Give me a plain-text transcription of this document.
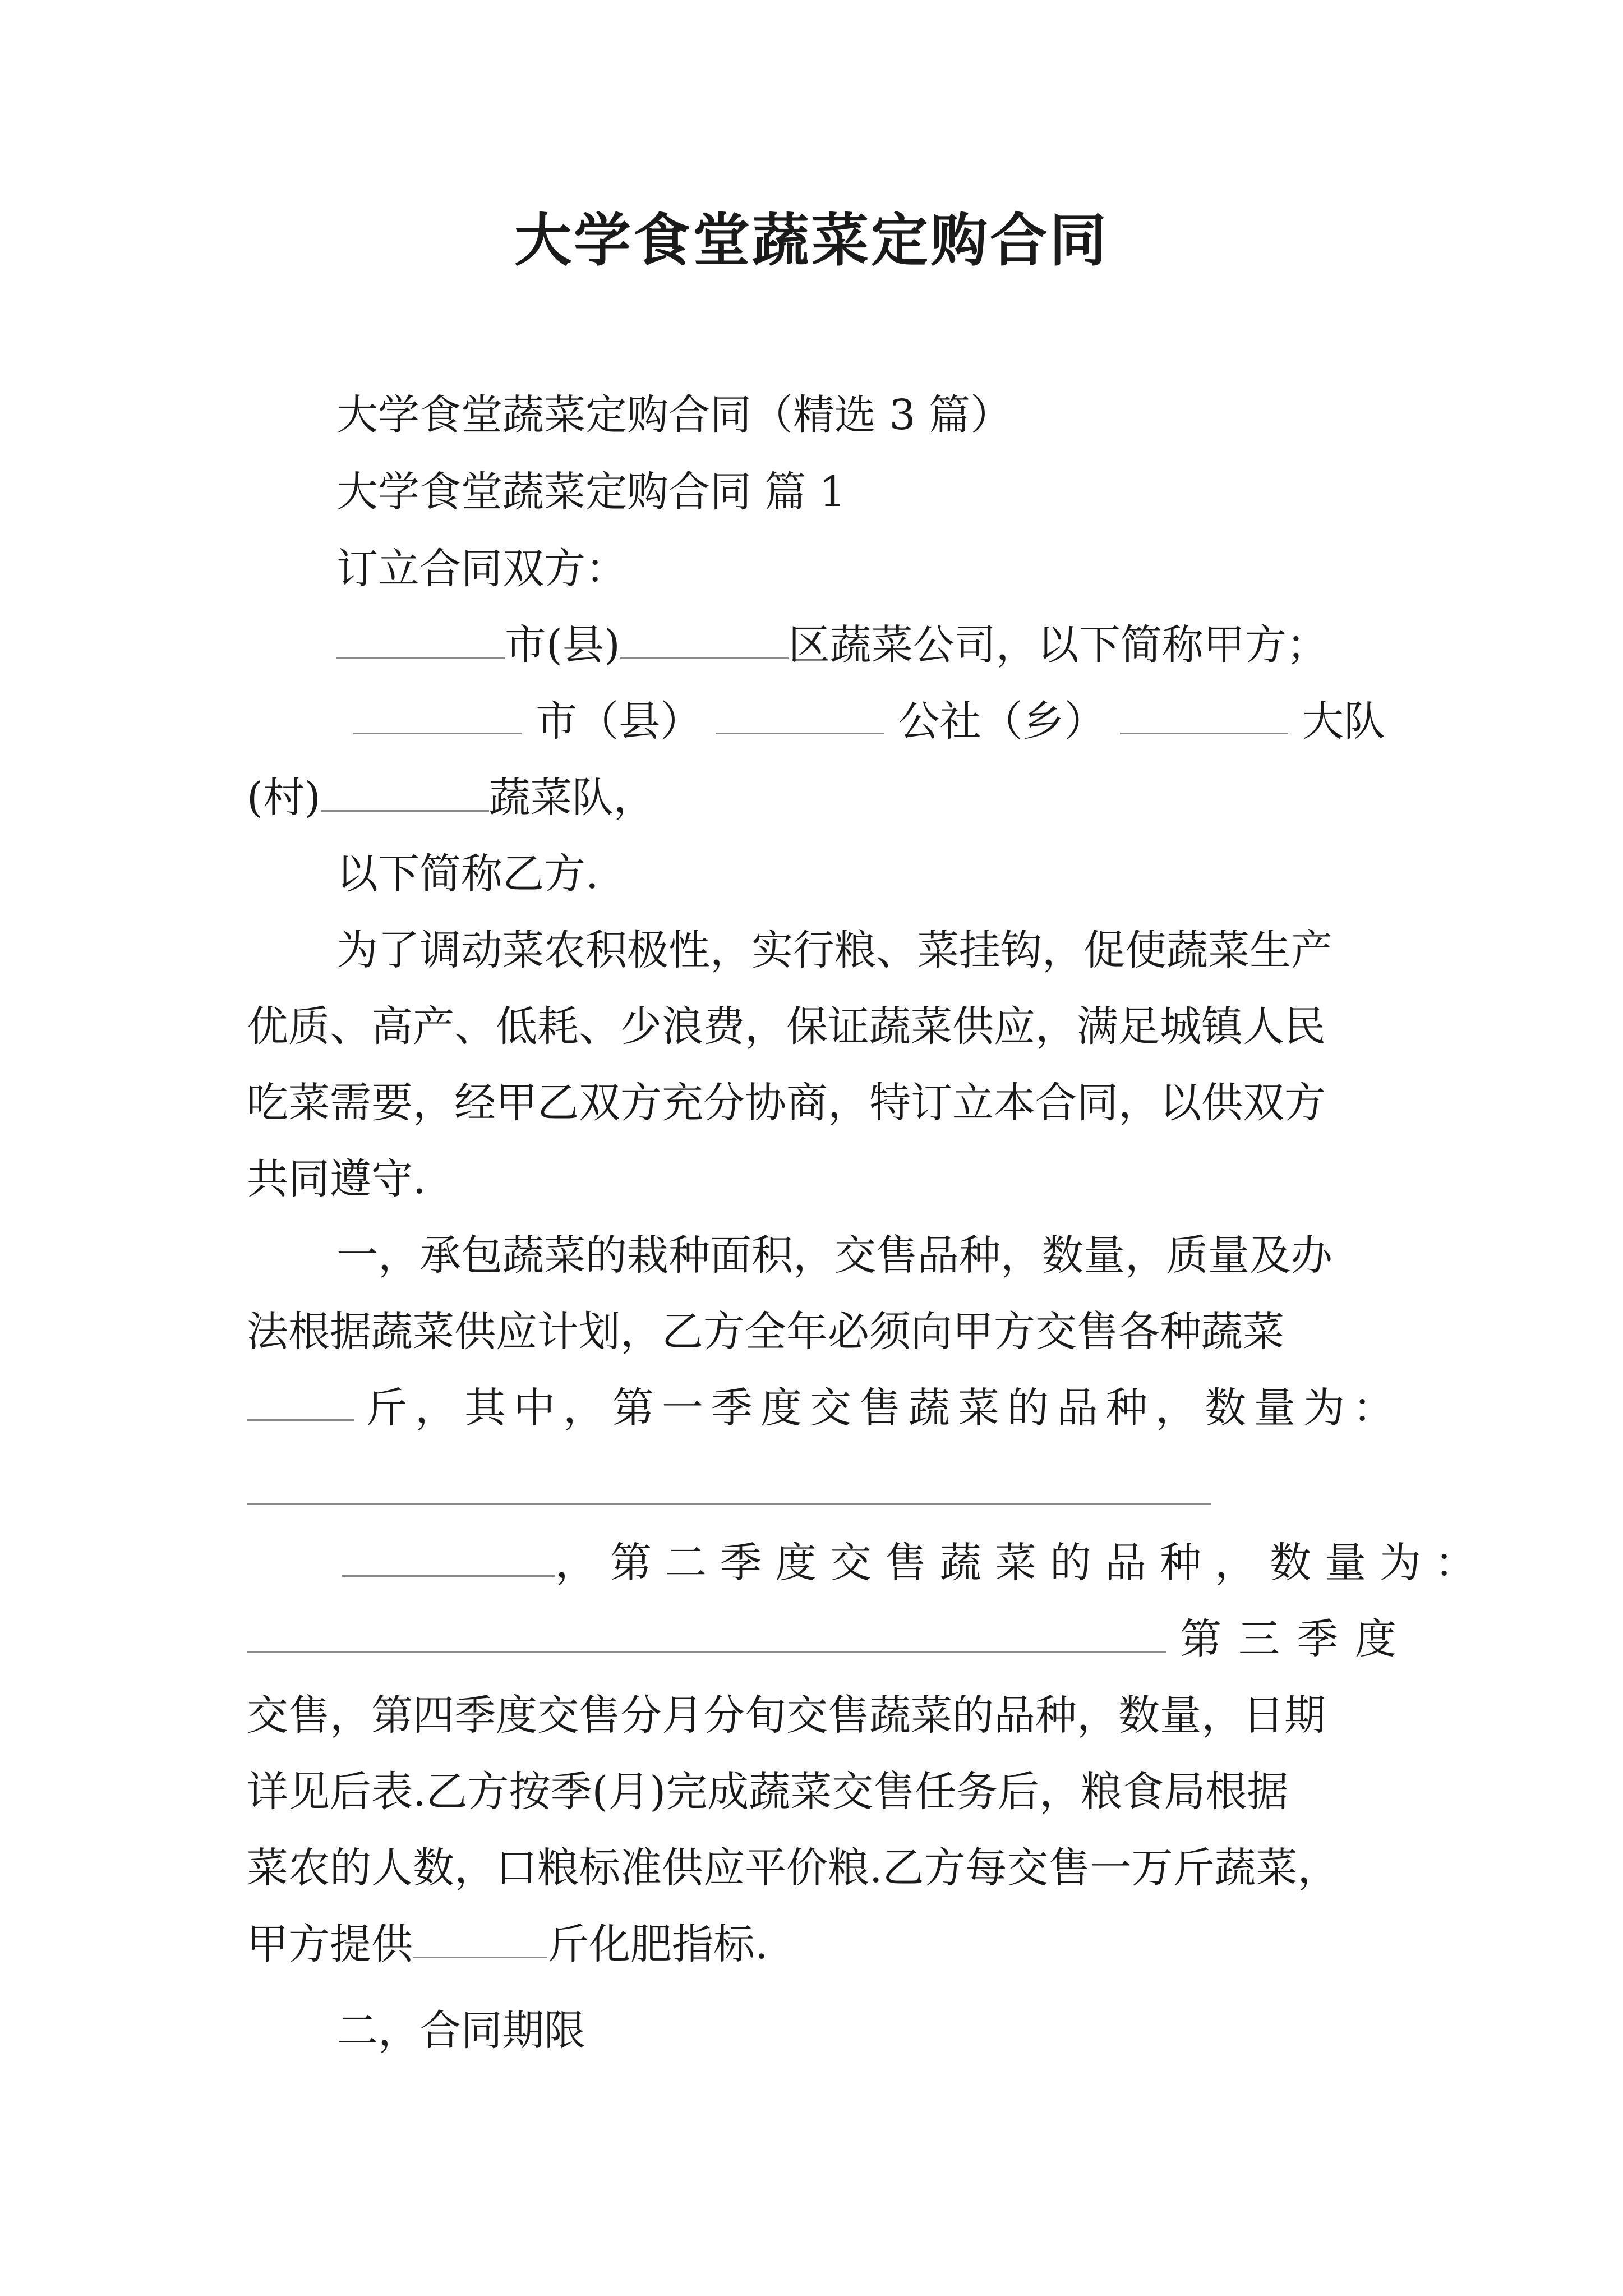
大学食堂蔬菜定购合同
大学食堂蔬菜定购合同（精选 3 篇）
大学食堂蔬菜定购合同 篇 1
订立合同双方：
市(县)	区蔬菜公司，以下简称甲方；
市（县）	公社（乡）	大队
(村)	蔬菜队，
以下简称乙方.
为了调动菜农积极性，实行粮、菜挂钩，促使蔬菜生产
优质、高产、低耗、少浪费，保证蔬菜供应，满足城镇人民
吃菜需要，经甲乙双方充分协商，特订立本合同，以供双方
共同遵守.
一，承包蔬菜的栽种面积，交售品种，数量，质量及办
法根据蔬菜供应计划，乙方全年必须向甲方交售各种蔬菜
斤，其中，第一季度交售蔬菜的品种，数量为：
，第二季度交售蔬菜的品种，数量为：
第三季度
交售，第四季度交售分月分旬交售蔬菜的品种，数量，日期
详见后表.乙方按季(月)完成蔬菜交售任务后，粮食局根据
菜农的人数，口粮标准供应平价粮.乙方每交售一万斤蔬菜，
甲方提供	斤化肥指标.
二，合同期限
